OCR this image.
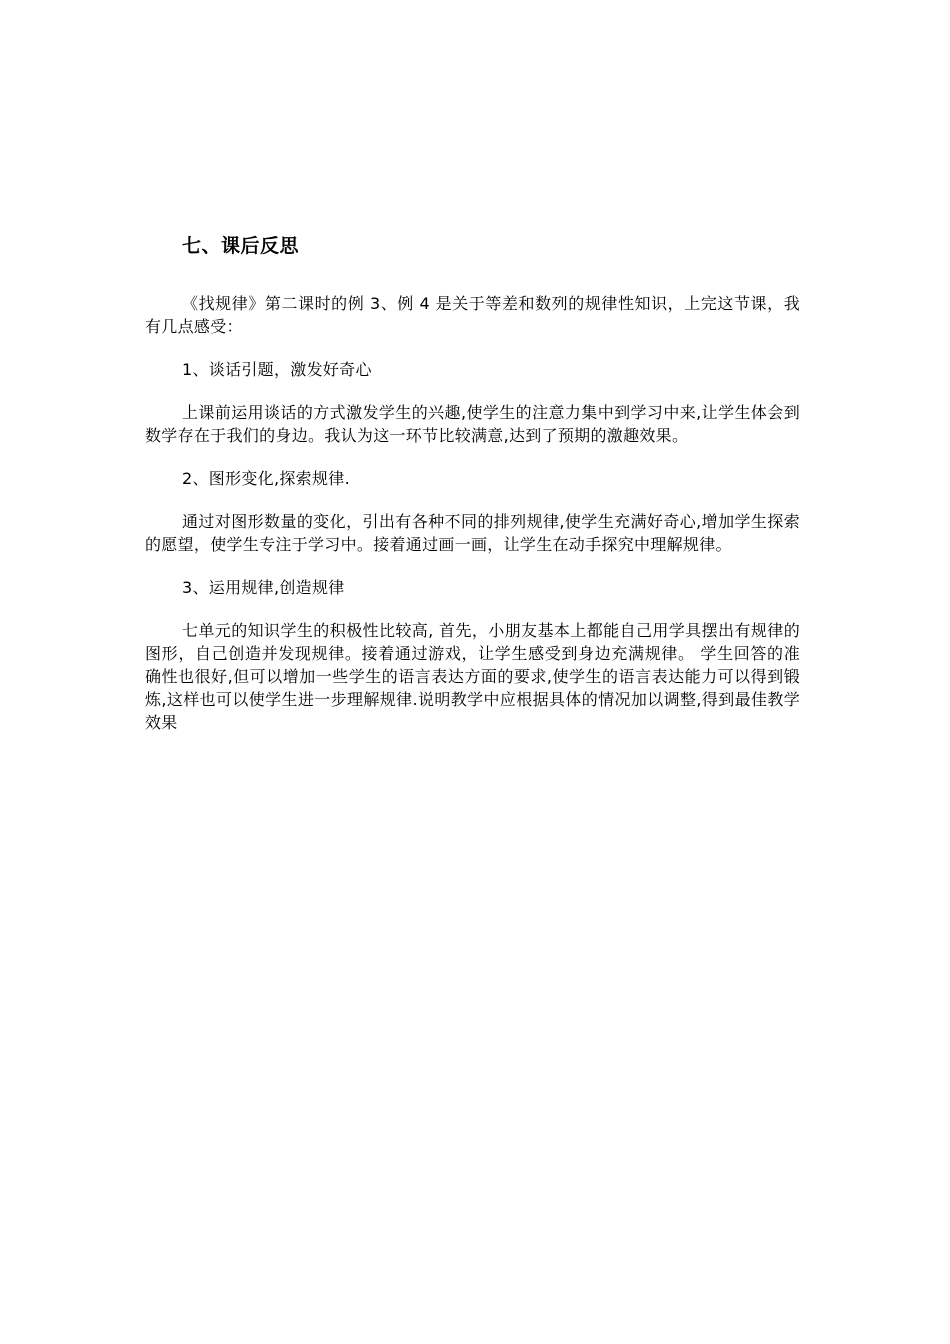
七、课后反思

《找规律》第二课时的例 3、例 4 是关于等差和数列的规律性知识，上完这节课，我有几点感受：

1、谈话引题，激发好奇心

上课前运用谈话的方式激发学生的兴趣,使学生的注意力集中到学习中来,让学生体会到数学存在于我们的身边。我认为这一环节比较满意,达到了预期的激趣效果。

2、图形变化,探索规律.

通过对图形数量的变化，引出有各种不同的排列规律,使学生充满好奇心,增加学生探索的愿望，使学生专注于学习中。接着通过画一画，让学生在动手探究中理解规律。

3、运用规律,创造规律

七单元的知识学生的积极性比较高, 首先，小朋友基本上都能自己用学具摆出有规律的图形，自己创造并发现规律。接着通过游戏，让学生感受到身边充满规律。 学生回答的准确性也很好,但可以增加一些学生的语言表达方面的要求,使学生的语言表达能力可以得到锻炼,这样也可以使学生进一步理解规律.说明教学中应根据具体的情况加以调整,得到最佳教学效果
